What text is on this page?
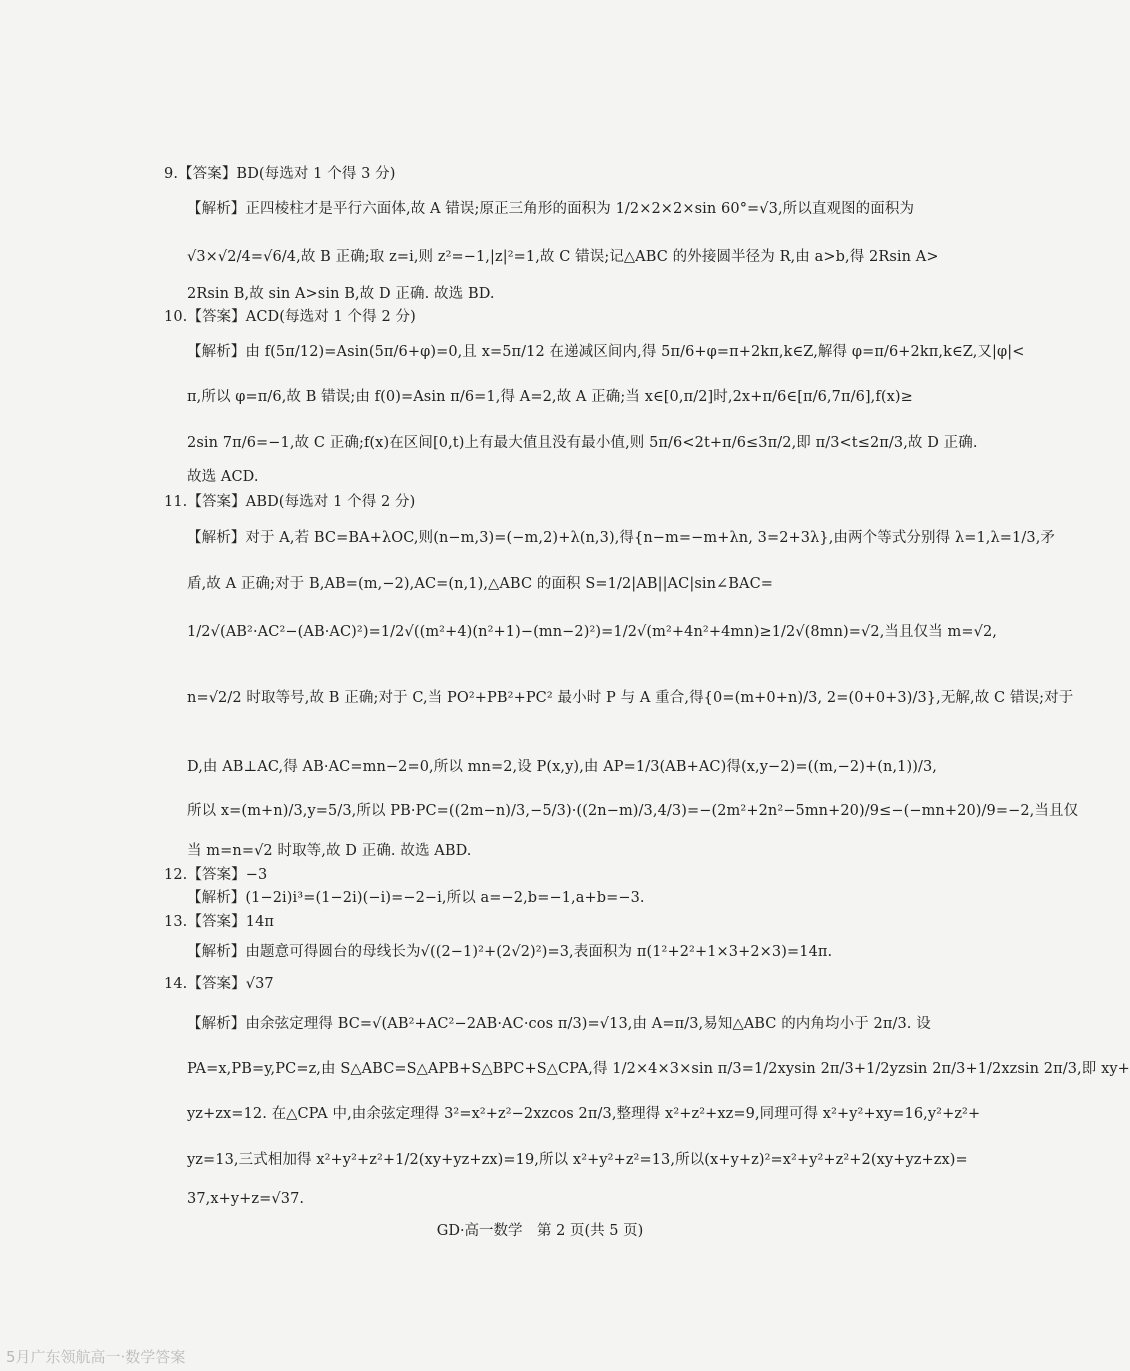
9.【答案】BD(每选对 1 个得 3 分)
【解析】正四棱柱才是平行六面体,故 A 错误;原正三角形的面积为 1/2×2×2×sin 60°=√3,所以直观图的面积为
√3×√2/4=√6/4,故 B 正确;取 z=i,则 z²=−1,|z|²=1,故 C 错误;记△ABC 的外接圆半径为 R,由 a>b,得 2Rsin A>
2Rsin B,故 sin A>sin B,故 D 正确. 故选 BD.
10.【答案】ACD(每选对 1 个得 2 分)
【解析】由 f(5π/12)=Asin(5π/6+φ)=0,且 x=5π/12 在递减区间内,得 5π/6+φ=π+2kπ,k∈Z,解得 φ=π/6+2kπ,k∈Z,又|φ|<
π,所以 φ=π/6,故 B 错误;由 f(0)=Asin π/6=1,得 A=2,故 A 正确;当 x∈[0,π/2]时,2x+π/6∈[π/6,7π/6],f(x)≥
2sin 7π/6=−1,故 C 正确;f(x)在区间[0,t)上有最大值且没有最小值,则 5π/6<2t+π/6≤3π/2,即 π/3<t≤2π/3,故 D 正确.
故选 ACD.
11.【答案】ABD(每选对 1 个得 2 分)
【解析】对于 A,若 BC=BA+λOC,则(n−m,3)=(−m,2)+λ(n,3),得{n−m=−m+λn, 3=2+3λ},由两个等式分别得 λ=1,λ=1/3,矛
盾,故 A 正确;对于 B,AB=(m,−2),AC=(n,1),△ABC 的面积 S=1/2|AB||AC|sin∠BAC=
1/2√(AB²·AC²−(AB·AC)²)=1/2√((m²+4)(n²+1)−(mn−2)²)=1/2√(m²+4n²+4mn)≥1/2√(8mn)=√2,当且仅当 m=√2,
n=√2/2 时取等号,故 B 正确;对于 C,当 PO²+PB²+PC² 最小时 P 与 A 重合,得{0=(m+0+n)/3, 2=(0+0+3)/3},无解,故 C 错误;对于
D,由 AB⊥AC,得 AB·AC=mn−2=0,所以 mn=2,设 P(x,y),由 AP=1/3(AB+AC)得(x,y−2)=((m,−2)+(n,1))/3,
所以 x=(m+n)/3,y=5/3,所以 PB·PC=((2m−n)/3,−5/3)·((2n−m)/3,4/3)=−(2m²+2n²−5mn+20)/9≤−(−mn+20)/9=−2,当且仅
当 m=n=√2 时取等,故 D 正确. 故选 ABD.
12.【答案】−3
【解析】(1−2i)i³=(1−2i)(−i)=−2−i,所以 a=−2,b=−1,a+b=−3.
13.【答案】14π
【解析】由题意可得圆台的母线长为√((2−1)²+(2√2)²)=3,表面积为 π(1²+2²+1×3+2×3)=14π.
14.【答案】√37
【解析】由余弦定理得 BC=√(AB²+AC²−2AB·AC·cos π/3)=√13,由 A=π/3,易知△ABC 的内角均小于 2π/3. 设
PA=x,PB=y,PC=z,由 S△ABC=S△APB+S△BPC+S△CPA,得 1/2×4×3×sin π/3=1/2xysin 2π/3+1/2yzsin 2π/3+1/2xzsin 2π/3,即 xy+
yz+zx=12. 在△CPA 中,由余弦定理得 3²=x²+z²−2xzcos 2π/3,整理得 x²+z²+xz=9,同理可得 x²+y²+xy=16,y²+z²+
yz=13,三式相加得 x²+y²+z²+1/2(xy+yz+zx)=19,所以 x²+y²+z²=13,所以(x+y+z)²=x²+y²+z²+2(xy+yz+zx)=
37,x+y+z=√37.
GD·高一数学　第 2 页(共 5 页)
5月广东领航高一·数学答案
